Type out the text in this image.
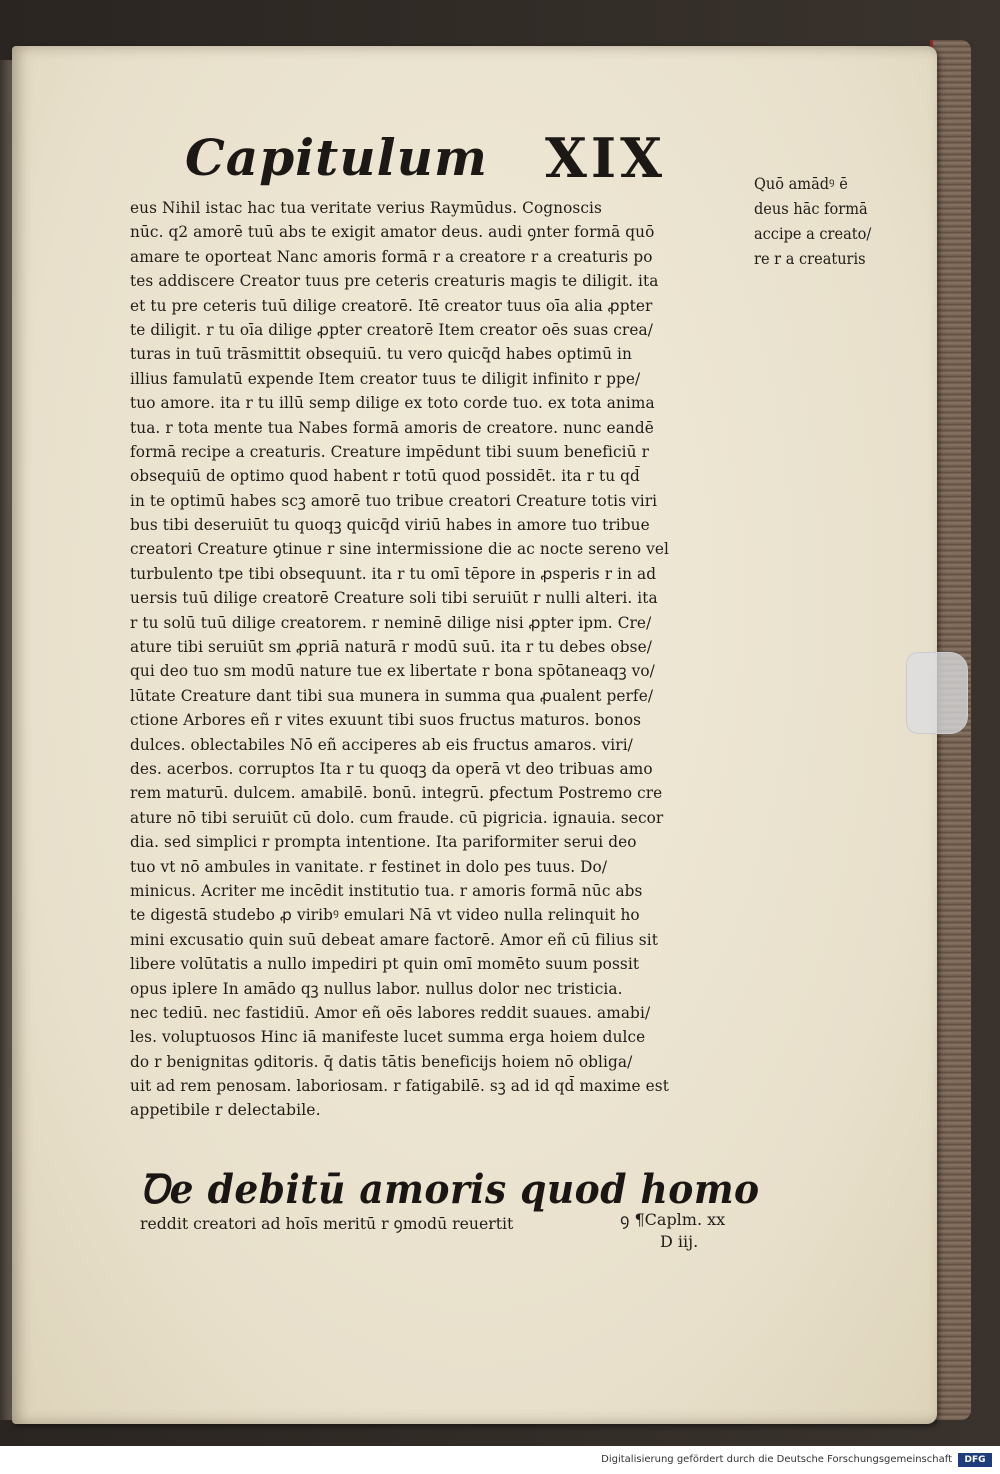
Capitulum XIX
eus Nihil istac hac tua veritate verius Raymūdus. Cognoscis
nūc. q2 amorē tuū abs te exigit amator deus. audi ꝯnter formā quō
amare te oporteat Nanc amoris formā r a creatore r a creaturis po
tes addiscere Creator tuus pre ceteris creaturis magis te diligit. ita
et tu pre ceteris tuū dilige creatorē. Itē creator tuus oīa alia ꝓpter
te diligit. r tu oīa dilige ꝓpter creatorē Item creator oēs suas crea/
turas in tuū trāsmittit obsequiū. tu vero quicq̄d habes optimū in
illius famulatū expende Item creator tuus te diligit infinito r ppe/
tuo amore. ita r tu illū semp dilige ex toto corde tuo. ex tota anima
tua. r tota mente tua Nabes formā amoris de creatore. nunc eandē
formā recipe a creaturis. Creature impēdunt tibi suum beneficiū r
obsequiū de optimo quod habent r totū quod possidēt. ita r tu qd̄
in te optimū habes scꝫ amorē tuo tribue creatori Creature totis viri
bus tibi deseruiūt tu quoqꝫ quicq̄d viriū habes in amore tuo tribue
creatori Creature ꝯtinue r sine intermissione die ac nocte sereno vel
turbulento tpe tibi obsequunt. ita r tu omī tēpore in ꝓsperis r in ad
uersis tuū dilige creatorē Creature soli tibi seruiūt r nulli alteri. ita
r tu solū tuū dilige creatorem. r neminē dilige nisi ꝓpter ipm. Cre/
ature tibi seruiūt sm ꝓpriā naturā r modū suū. ita r tu debes obse/
qui deo tuo sm modū nature tue ex libertate r bona spōtaneaqꝫ vo/
lūtate Creature dant tibi sua munera in summa qua ꝓualent perfe/
ctione Arbores eñ r vites exuunt tibi suos fructus maturos. bonos
dulces. oblectabiles Nō eñ acciperes ab eis fructus amaros. viri/
des. acerbos. corruptos Ita r tu quoqꝫ da operā vt deo tribuas amo
rem maturū. dulcem. amabilē. bonū. integrū. ꝑfectum Postremo cre
ature nō tibi seruiūt cū dolo. cum fraude. cū pigricia. ignauia. secor
dia. sed simplici r prompta intentione. Ita pariformiter serui deo
tuo vt nō ambules in vanitate. r festinet in dolo pes tuus. Do/
minicus. Acriter me incēdit institutio tua. r amoris formā nūc abs
te digestā studebo ꝓ viribꝰ emulari Nā vt video nulla relinquit ho
mini excusatio quin suū debeat amare factorē. Amor eñ cū filius sit
libere volūtatis a nullo impediri pt quin omī momēto suum possit
opus iplere In amādo qꝫ nullus labor. nullus dolor nec tristicia.
nec tediū. nec fastidiū. Amor eñ oēs labores reddit suaues. amabi/
les. voluptuosos Hinc iā manifeste lucet summa erga hoiem dulce
do r benignitas ꝯditoris. q̄ datis tātis beneficijs hoiem nō obliga/
uit ad rem penosam. laboriosam. r fatigabilē. sꝫ ad id qd̄ maxime est
appetibile r delectabile.
Quō amādꝰ ē
deus hāc formā
accipe a creato/
re r a creaturis
Ꝺe debitū amoris quod homo
reddit creatori ad hoīs meritū r ꝯmodū reuertit	ꝯ ¶Caplm. xx
D iij.
Digitalisierung gefördert durch die Deutsche Forschungsgemeinschaft	DFG
